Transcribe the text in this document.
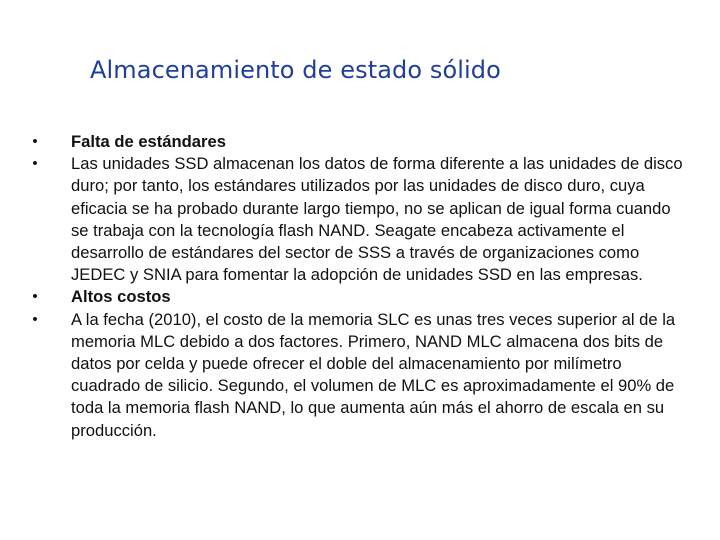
Almacenamiento de estado sólido
• Falta de estándares
• Las unidades SSD almacenan los datos de forma diferente a las unidades de disco duro; por tanto, los estándares utilizados por las unidades de disco duro, cuya eficacia se ha probado durante largo tiempo, no se aplican de igual forma cuando se trabaja con la tecnología flash NAND. Seagate encabeza activamente el desarrollo de estándares del sector de SSS a través de organizaciones como JEDEC y SNIA para fomentar la adopción de unidades SSD en las empresas.
• Altos costos
• A la fecha (2010), el costo de la memoria SLC es unas tres veces superior al de la memoria MLC debido a dos factores. Primero, NAND MLC almacena dos bits de datos por celda y puede ofrecer el doble del almacenamiento por milímetro cuadrado de silicio. Segundo, el volumen de MLC es aproximadamente el 90% de toda la memoria flash NAND, lo que aumenta aún más el ahorro de escala en su producción.
